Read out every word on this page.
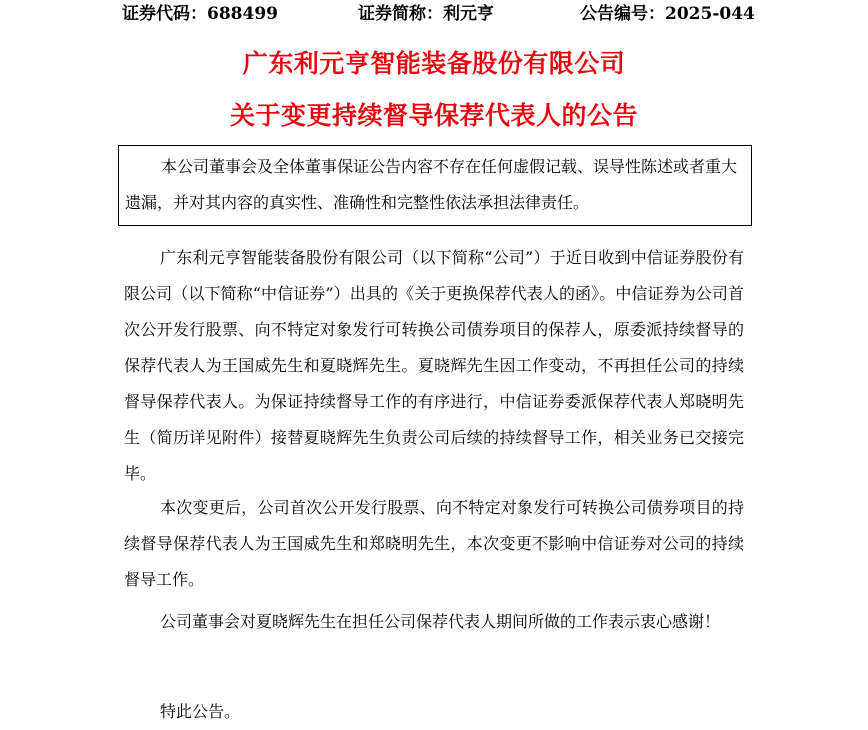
证券代码：688499	证券简称：利元亨	公告编号：2025-044
广东利元亨智能装备股份有限公司
关于变更持续督导保荐代表人的公告
本公司董事会及全体董事保证公告内容不存在任何虚假记载、误导性陈述或者重大遗漏，并对其内容的真实性、准确性和完整性依法承担法律责任。
广东利元亨智能装备股份有限公司（以下简称“公司”）于近日收到中信证券股份有限公司（以下简称“中信证券”）出具的《关于更换保荐代表人的函》。中信证券为公司首次公开发行股票、向不特定对象发行可转换公司债券项目的保荐人，原委派持续督导的保荐代表人为王国威先生和夏晓辉先生。夏晓辉先生因工作变动，不再担任公司的持续督导保荐代表人。为保证持续督导工作的有序进行，中信证券委派保荐代表人郑晓明先生（简历详见附件）接替夏晓辉先生负责公司后续的持续督导工作，相关业务已交接完毕。
本次变更后，公司首次公开发行股票、向不特定对象发行可转换公司债券项目的持续督导保荐代表人为王国威先生和郑晓明先生，本次变更不影响中信证券对公司的持续督导工作。
公司董事会对夏晓辉先生在担任公司保荐代表人期间所做的工作表示衷心感谢！
特此公告。
